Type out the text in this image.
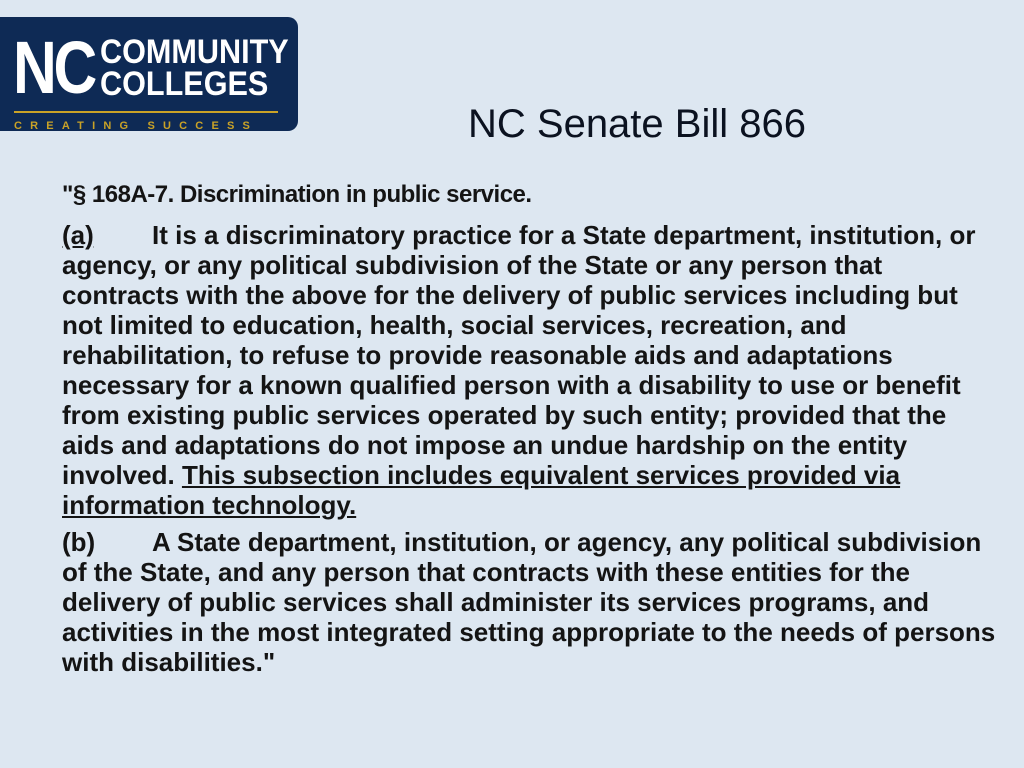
NC COMMUNITY
COLLEGES
CREATING SUCCESS	NC Senate Bill 866
"§ 168A-7. Discrimination in public service.
(a) It is a discriminatory practice for a State department, institution, or agency, or any political subdivision of the State or any person that contracts with the above for the delivery of public services including but not limited to education, health, social services, recreation, and rehabilitation, to refuse to provide reasonable aids and adaptations necessary for a known qualified person with a disability to use or benefit from existing public services operated by such entity; provided that the aids and adaptations do not impose an undue hardship on the entity involved. This subsection includes equivalent services provided via information technology.
(b) A State department, institution, or agency, any political subdivision of the State, and any person that contracts with these entities for the delivery of public services shall administer its services programs, and activities in the most integrated setting appropriate to the needs of persons with disabilities."
